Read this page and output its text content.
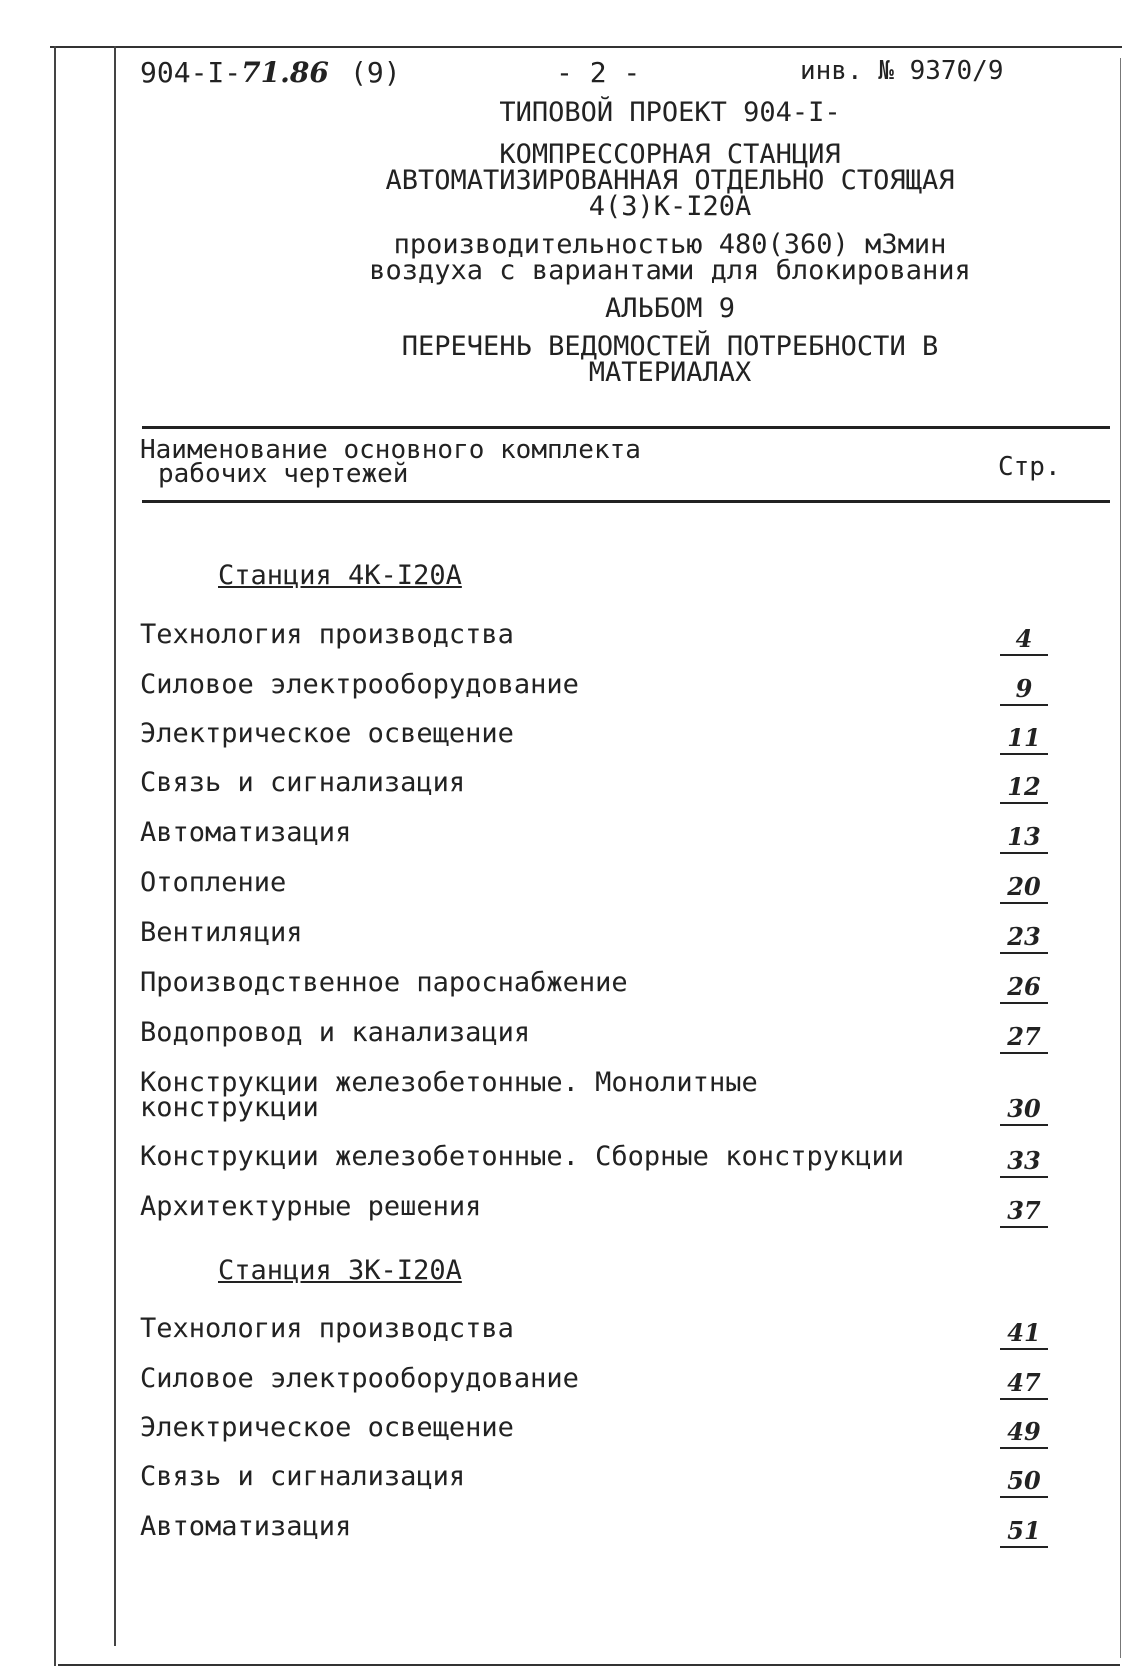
904-I-71.86 (9)	- 2 -	инв. № 9370/9
ТИПОВОЙ ПРОЕКТ 904-I-
КОМПРЕССОРНАЯ СТАНЦИЯ
АВТОМАТИЗИРОВАННАЯ ОТДЕЛЬНО СТОЯЩАЯ
4(3)К-I20А
производительностью 480(360) м3мин
воздуха с вариантами для блокирования
АЛЬБОМ 9
ПЕРЕЧЕНЬ ВЕДОМОСТЕЙ ПОТРЕБНОСТИ В
МАТЕРИАЛАХ
Наименование основного комплекта
рабочих чертежей	Стр.
Станция 4К-I20А
Технология производства	4
Силовое электрооборудование	9
Электрическое освещение	11
Связь и сигнализация	12
Автоматизация	13
Отопление	20
Вентиляция	23
Производственное пароснабжение	26
Водопровод и канализация	27
Конструкции железобетонные. Монолитные
конструкции	30
Конструкции железобетонные. Сборные конструкции	33
Архитектурные решения	37
Станция 3К-I20А
Технология производства	41
Силовое электрооборудование	47
Электрическое освещение	49
Связь и сигнализация	50
Автоматизация	51
